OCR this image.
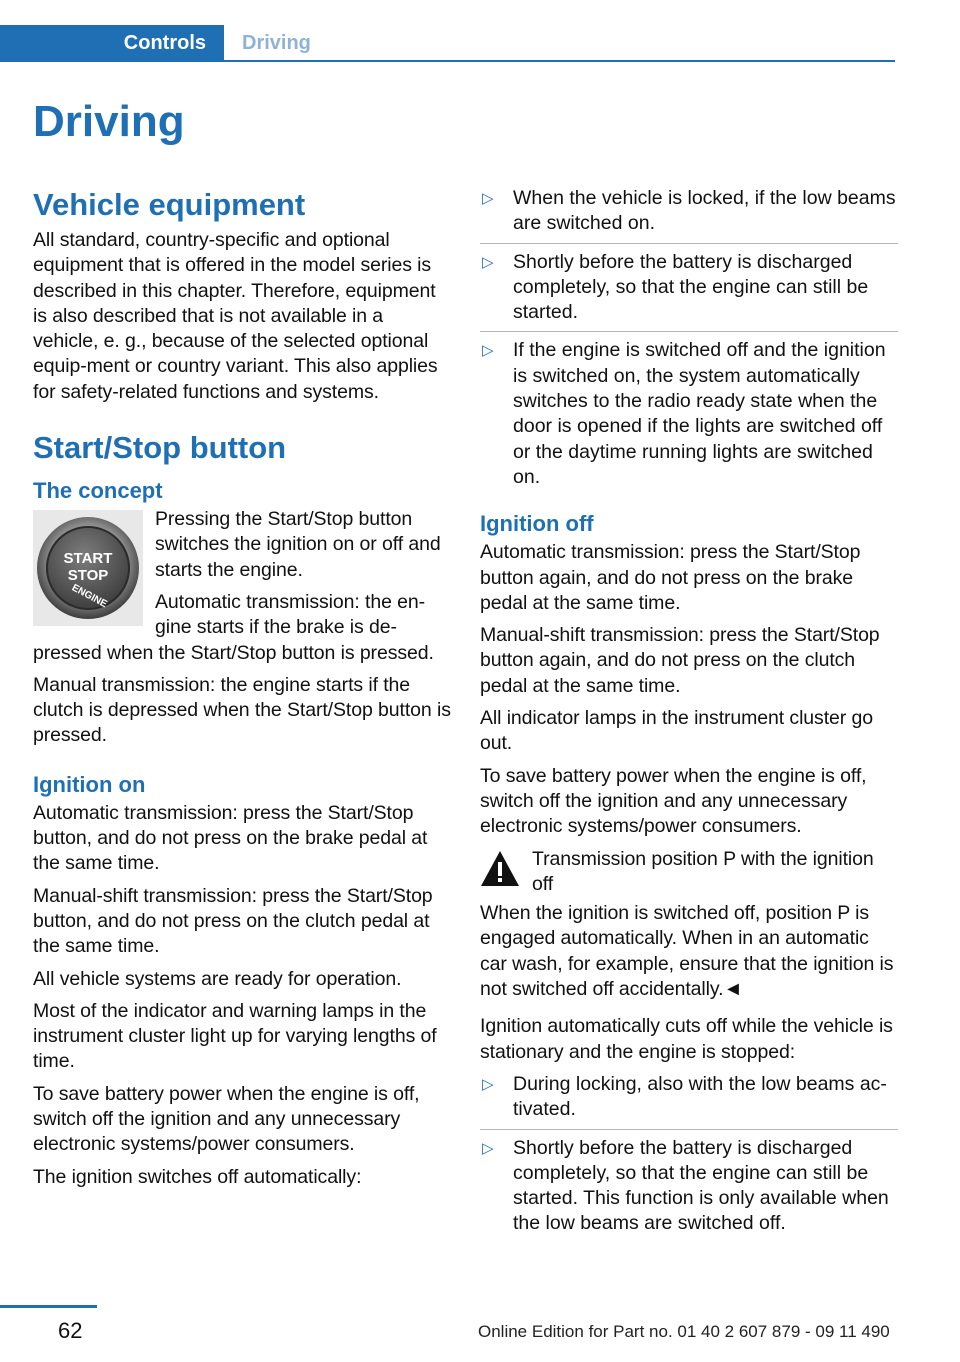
Controls	Driving
Driving
Vehicle equipment

All standard, country-specific and optional equipment that is offered in the model series is described in this chapter. Therefore, equipment is also described that is not available in a vehicle, e. g., because of the selected optional equip-ment or country variant. This also applies for safety-related functions and systems.

Start/Stop button
The concept
START
STOP
ENGINE

Pressing the Start/Stop button switches the ignition on or off and starts the engine.

Automatic transmission: the en-gine starts if the brake is de-pressed when the Start/Stop button is pressed.

Manual transmission: the engine starts if the clutch is depressed when the Start/Stop button is pressed.

Ignition on

Automatic transmission: press the Start/Stop button, and do not press on the brake pedal at the same time.

Manual-shift transmission: press the Start/Stop button, and do not press on the clutch pedal at the same time.

All vehicle systems are ready for operation.

Most of the indicator and warning lamps in the instrument cluster light up for varying lengths of time.

To save battery power when the engine is off, switch off the ignition and any unnecessary electronic systems/power consumers.

The ignition switches off automatically:

▷ When the vehicle is locked, if the low beams are switched on.
▷ Shortly before the battery is discharged completely, so that the engine can still be started.
▷ If the engine is switched off and the ignition is switched on, the system automatically switches to the radio ready state when the door is opened if the lights are switched off or the daytime running lights are switched on.
Ignition off

Automatic transmission: press the Start/Stop button again, and do not press on the brake pedal at the same time.

Manual-shift transmission: press the Start/Stop button again, and do not press on the clutch pedal at the same time.

All indicator lamps in the instrument cluster go out.

To save battery power when the engine is off, switch off the ignition and any unnecessary electronic systems/power consumers.

Transmission position P with the ignition off

When the ignition is switched off, position P is engaged automatically. When in an automatic car wash, for example, ensure that the ignition is not switched off accidentally.◄

Ignition automatically cuts off while the vehicle is stationary and the engine is stopped:

▷ During locking, also with the low beams ac-tivated.
▷ Shortly before the battery is discharged completely, so that the engine can still be started. This function is only available when the low beams are switched off.
62	Online Edition for Part no. 01 40 2 607 879 - 09 11 490
